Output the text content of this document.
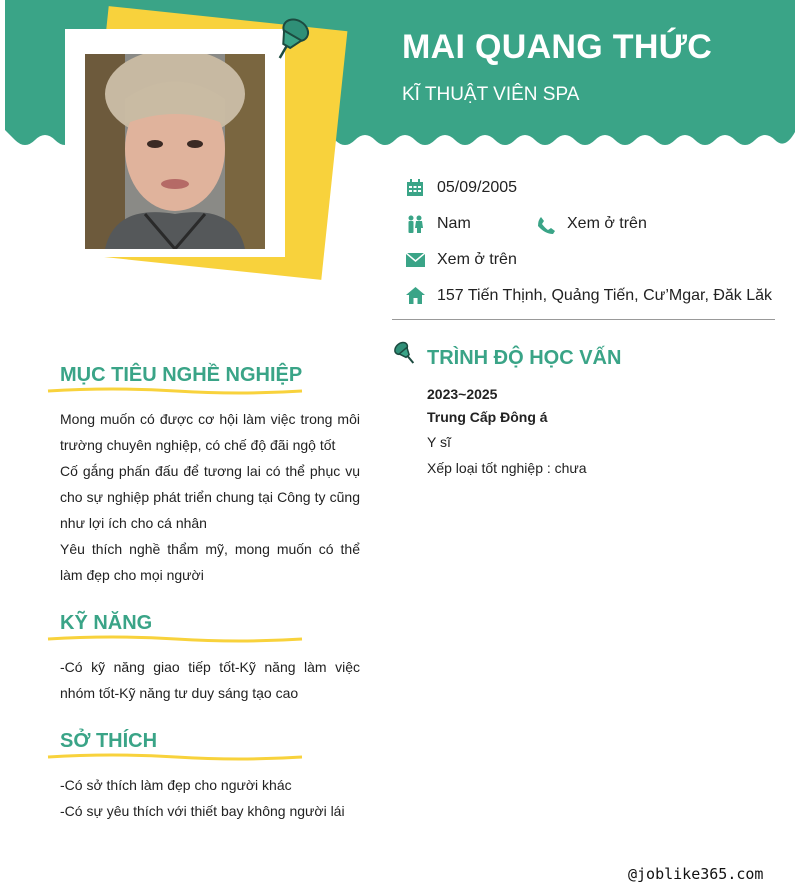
MAI QUANG THỨC
KĨ THUẬT VIÊN SPA
05/09/2005
Nam	Xem ở trên
Xem ở trên
157 Tiến Thịnh, Quảng Tiến, Cư’Mgar, Đăk Lăk
MỤC TIÊU NGHỀ NGHIỆP

Mong muốn có được cơ hội làm việc trong môi trường chuyên nghiệp, có chế độ đãi ngộ tốt

Cố gắng phấn đấu để tương lai có thể phục vụ cho sự nghiệp phát triển chung tại Công ty cũng như lợi ích cho cá nhân

Yêu thích nghề thẩm mỹ, mong muốn có thể làm đẹp cho mọi người

KỸ NĂNG

-Có kỹ năng giao tiếp tốt-Kỹ năng làm việc nhóm tốt-Kỹ năng tư duy sáng tạo cao

SỞ THÍCH

-Có sở thích làm đẹp cho người khác

-Có sự yêu thích với thiết bay không người lái

TRÌNH ĐỘ HỌC VẤN
2023~2025
Trung Cấp Đông á
Y sĩ
Xếp loại tốt nghiệp : chưa
@joblike365.com
